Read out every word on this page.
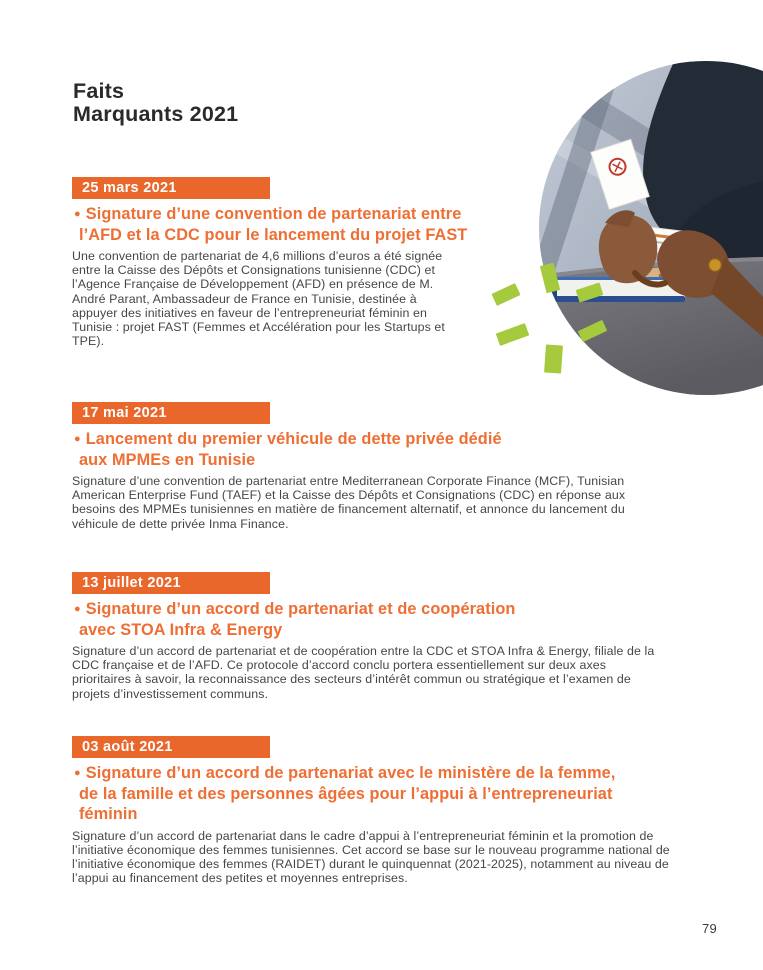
Faits
Marquants 2021
25 mars 2021
● Signature d’une convention de partenariat entre
l’AFD et la CDC pour le lancement du projet FAST

Une convention de partenariat de 4,6 millions d’euros a été signée entre la Caisse des Dépôts et Consignations tunisienne (CDC) et l’Agence Française de Développement (AFD) en présence de M. André Parant, Ambassadeur de France en Tunisie, destinée à appuyer des initiatives en faveur de l’entrepreneuriat féminin en Tunisie : projet FAST (Femmes et Accélération pour les Startups et TPE).

17 mai 2021
● Lancement du premier véhicule de dette privée dédié
aux MPMEs en Tunisie

Signature d’une convention de partenariat entre Mediterranean Corporate Finance (MCF), Tunisian American Enterprise Fund (TAEF) et la Caisse des Dépôts et Consignations (CDC) en réponse aux besoins des MPMEs tunisiennes en matière de financement alternatif, et annonce du lancement du véhicule de dette privée Inma Finance.

13 juillet 2021
● Signature d’un accord de partenariat et de coopération
avec STOA Infra & Energy

Signature d’un accord de partenariat et de coopération entre la CDC et STOA Infra & Energy, filiale de la CDC française et de l’AFD. Ce protocole d’accord conclu portera essentiellement sur deux axes prioritaires à savoir, la reconnaissance des secteurs d’intérêt commun ou stratégique et l’examen de projets d’investissement communs.

03 août 2021
● Signature d’un accord de partenariat avec le ministère de la femme,
de la famille et des personnes âgées pour l’appui à l’entrepreneuriat
féminin

Signature d’un accord de partenariat dans le cadre d’appui à l’entrepreneuriat féminin et la promotion de l’initiative économique des femmes tunisiennes. Cet accord se base sur le nouveau programme national de l’initiative économique des femmes (RAIDET) durant le quinquennat (2021-2025), notamment au niveau de l’appui au financement des petites et moyennes entreprises.

79
